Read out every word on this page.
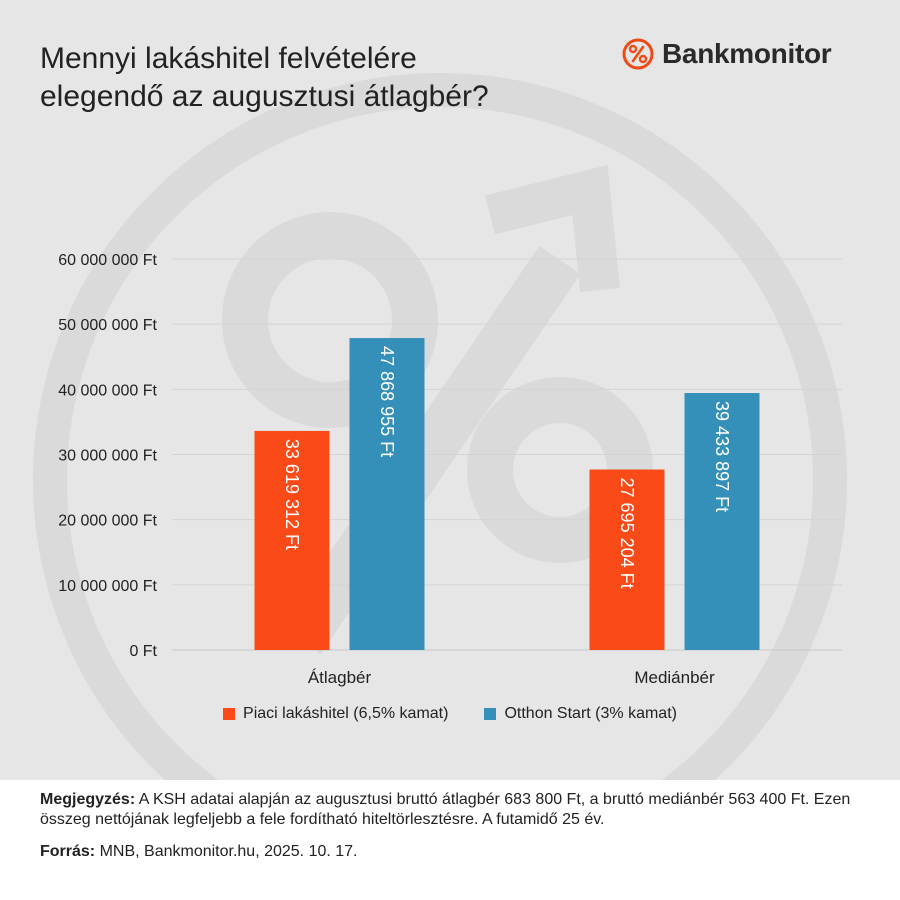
Mennyi lakáshitel felvételére
elegendő az augusztusi átlagbér?
Bankmonitor
0 Ft
10 000 000 Ft
20 000 000 Ft
30 000 000 Ft
40 000 000 Ft
50 000 000 Ft
60 000 000 Ft
33 619 312 Ft
47 868 955 Ft
Átlagbér
27 695 204 Ft
39 433 897 Ft
Mediánbér
Piaci lakáshitel (6,5% kamat)	Otthon Start (3% kamat)

Megjegyzés: A KSH adatai alapján az augusztusi bruttó átlagbér 683 800 Ft, a bruttó mediánbér 563 400 Ft. Ezen összeg nettójának legfeljebb a fele fordítható hiteltörlesztésre. A futamidő 25 év.

Forrás: MNB, Bankmonitor.hu, 2025. 10. 17.
